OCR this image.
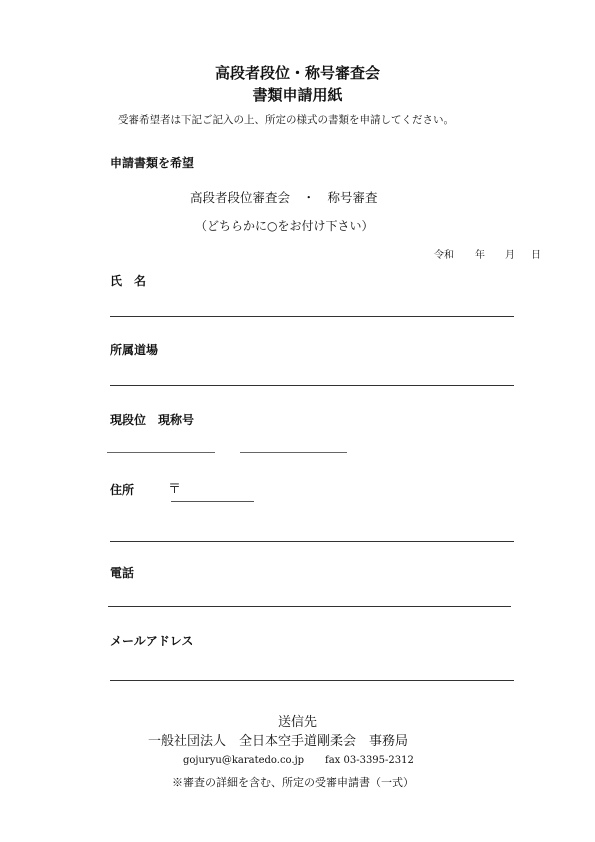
高段者段位・称号審査会
書類申請用紙
受審希望者は下記ご記入の上、所定の様式の書類を申請してください。
申請書類を希望
高段者段位審査会　・　称号審査
（どちらかに○をお付け下さい）
令和 年 月 日
氏　名
所属道場
現段位　現称号
住所	〒
電話
メールアドレス
送信先
一般社団法人　全日本空手道剛柔会　事務局
gojuryu@karatedo.co.jp fax 03-3395-2312
※審査の詳細を含む、所定の受審申請書（一式）
